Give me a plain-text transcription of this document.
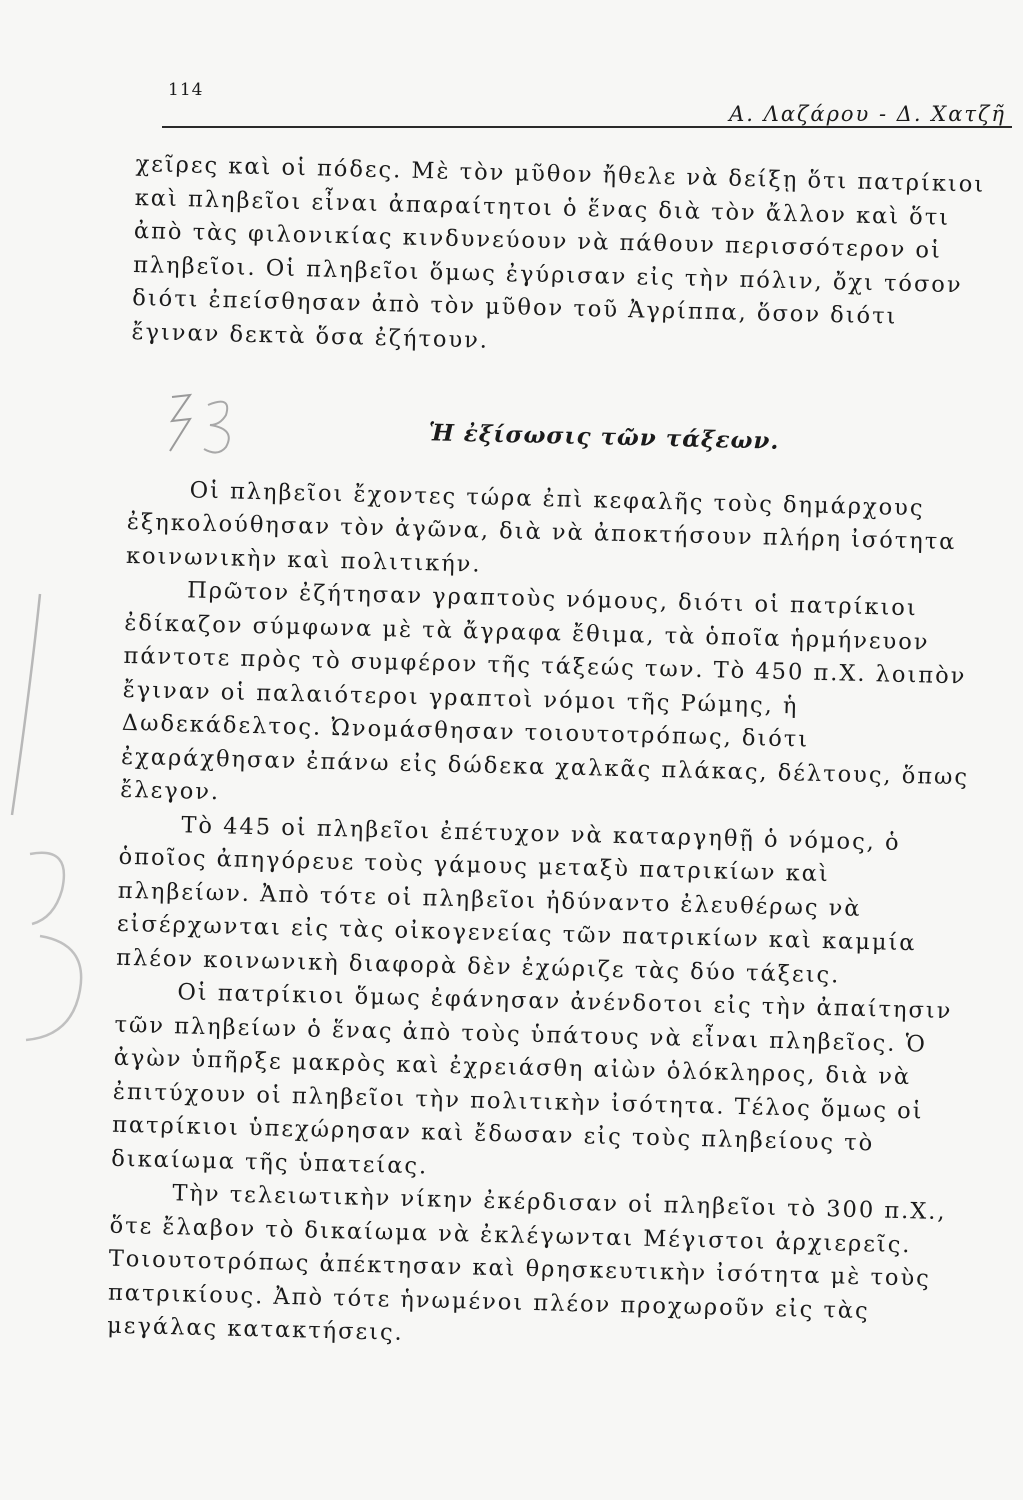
114
Α. Λαζάρου - Δ. Χατζῆ

χεῖρες καὶ οἱ πόδες. Μὲ τὸν μῦθον ἤθελε νὰ δείξῃ ὅτι πατρίκιοι καὶ πληβεῖοι εἶναι ἀπαραίτητοι ὁ ἕνας διὰ τὸν ἄλλον καὶ ὅτι ἀπὸ τὰς φιλονικίας κινδυνεύουν νὰ πάθουν περισσότερον οἱ πληβεῖοι. Οἱ πληβεῖοι ὅμως ἐγύρισαν εἰς τὴν πόλιν, ὄχι τόσον διότι ἐπείσθησαν ἀπὸ τὸν μῦθον τοῦ Ἀγρίππα, ὅσον διότι ἔγιναν δεκτὰ ὅσα ἐζήτουν.

Ἡ ἐξίσωσις τῶν τάξεων.

Οἱ πληβεῖοι ἔχοντες τώρα ἐπὶ κεφαλῆς τοὺς δημάρχους ἐξηκολούθησαν τὸν ἀγῶνα, διὰ νὰ ἀποκτήσουν πλήρη ἰσότητα κοινωνικὴν καὶ πολιτικήν.

Πρῶτον ἐζήτησαν γραπτοὺς νόμους, διότι οἱ πατρίκιοι ἐδίκαζον σύμφωνα μὲ τὰ ἄγραφα ἔθιμα, τὰ ὁποῖα ἡρμήνευον πάντοτε πρὸς τὸ συμφέρον τῆς τάξεώς των. Τὸ 450 π.Χ. λοιπὸν ἔγιναν οἱ παλαιότεροι γραπτοὶ νόμοι τῆς Ρώμης, ἡ Δωδεκάδελτος. Ὠνομάσθησαν τοιουτοτρόπως, διότι ἐχαράχθησαν ἐπάνω εἰς δώδεκα χαλκᾶς πλάκας, δέλτους, ὅπως ἔλεγον.

Τὸ 445 οἱ πληβεῖοι ἐπέτυχον νὰ καταργηθῇ ὁ νόμος, ὁ ὁποῖος ἀπηγόρευε τοὺς γάμους μεταξὺ πατρικίων καὶ πληβείων. Ἀπὸ τότε οἱ πληβεῖοι ἠδύναντο ἐλευθέρως νὰ εἰσέρχωνται εἰς τὰς οἰκογενείας τῶν πατρικίων καὶ καμμία πλέον κοινωνικὴ διαφορὰ δὲν ἐχώριζε τὰς δύο τάξεις.

Οἱ πατρίκιοι ὅμως ἐφάνησαν ἀνένδοτοι εἰς τὴν ἀπαίτησιν τῶν πληβείων ὁ ἕνας ἀπὸ τοὺς ὑπάτους νὰ εἶναι πληβεῖος. Ὁ ἀγὼν ὑπῆρξε μακρὸς καὶ ἐχρειάσθη αἰὼν ὁλόκληρος, διὰ νὰ ἐπιτύχουν οἱ πληβεῖοι τὴν πολιτικὴν ἰσότητα. Τέλος ὅμως οἱ πατρίκιοι ὑπεχώρησαν καὶ ἔδωσαν εἰς τοὺς πληβείους τὸ δικαίωμα τῆς ὑπατείας.

Τὴν τελειωτικὴν νίκην ἐκέρδισαν οἱ πληβεῖοι τὸ 300 π.Χ., ὅτε ἔλαβον τὸ δικαίωμα νὰ ἐκλέγωνται Μέγιστοι ἀρχιερεῖς. Τοιουτοτρόπως ἀπέκτησαν καὶ θρησκευτικὴν ἰσότητα μὲ τοὺς πατρικίους. Ἀπὸ τότε ἡνωμένοι πλέον προχωροῦν εἰς τὰς μεγάλας κατακτήσεις.
